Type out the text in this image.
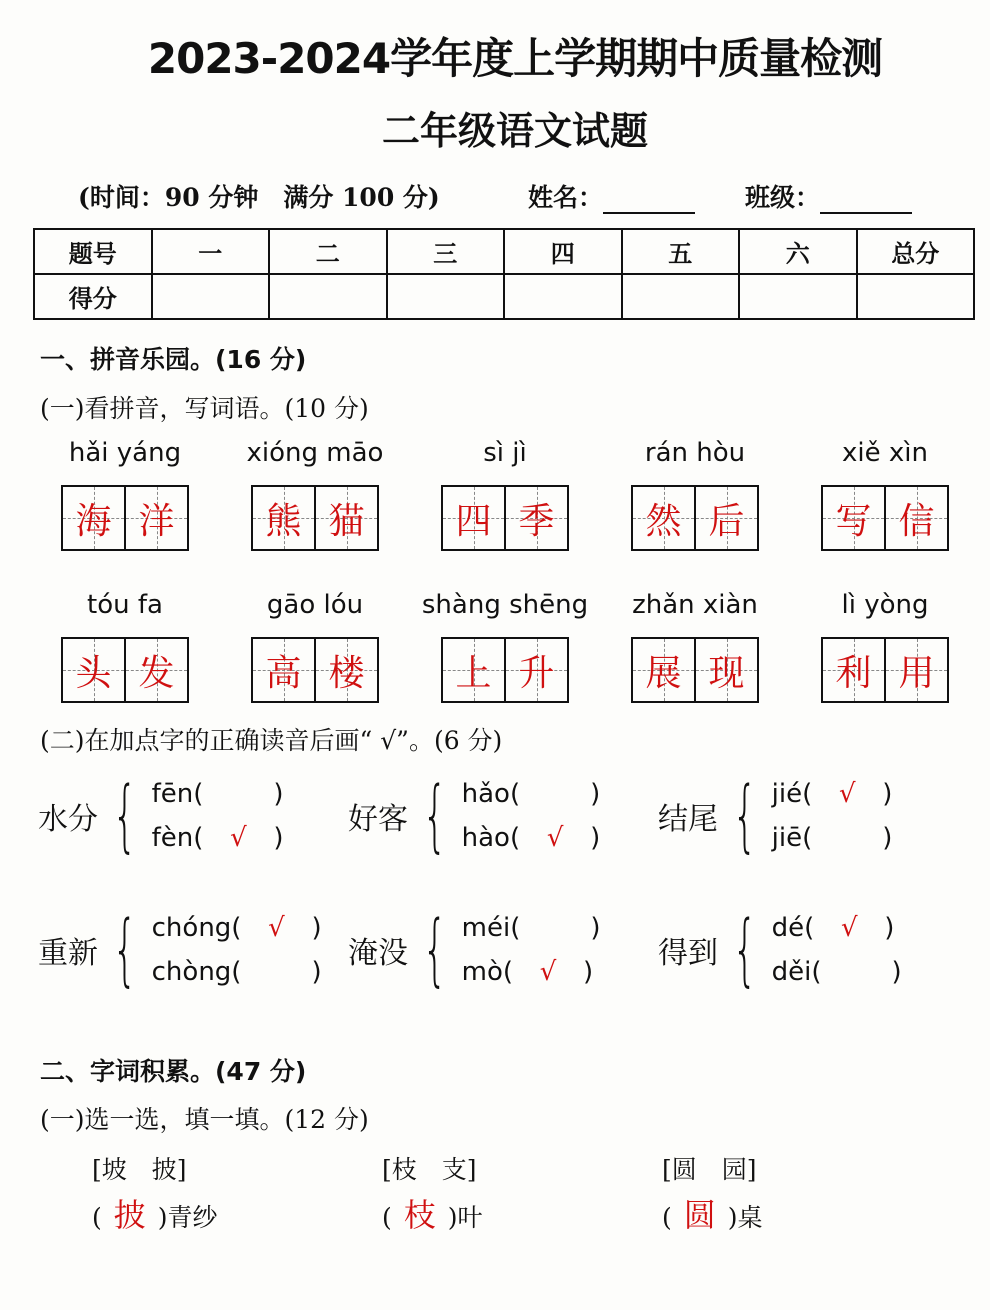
2023-2024学年度上学期期中质量检测
二年级语文试题
(时间：90 分钟　满分 100 分)	姓名：	班级：
题号	一	二	三	四	五	六	总分
得分							
一、拼音乐园。(16 分)
(一)看拼音，写词语。(10 分)
hǎi yáng
海 洋
xióng māo
熊 猫
sì jì
四 季
rán hòu
然 后
xiě xìn
写 信
tóu fa
头 发
gāo lóu
高 楼
shàng shēng
上 升
zhǎn xiàn
展 现
lì yòng
利 用
(二)在加点字的正确读音后画“ √”。(6 分)
水分 { fēn(	)
fèn(	√	)
好客 { hǎo(	)
hào(	√	)
结尾 { jié(	√	)
jiē(	)
重新 { chóng(	√	)
chòng(	)
淹没 { méi(	)
mò(	√	)
得到 { dé(	√	)
děi(	)
二、字词积累。(47 分)
(一)选一选，填一填。(12 分)
[坡　披]
( 披 )青纱
[枝　支]
( 枝 )叶
[圆　园]
( 圆 )桌
